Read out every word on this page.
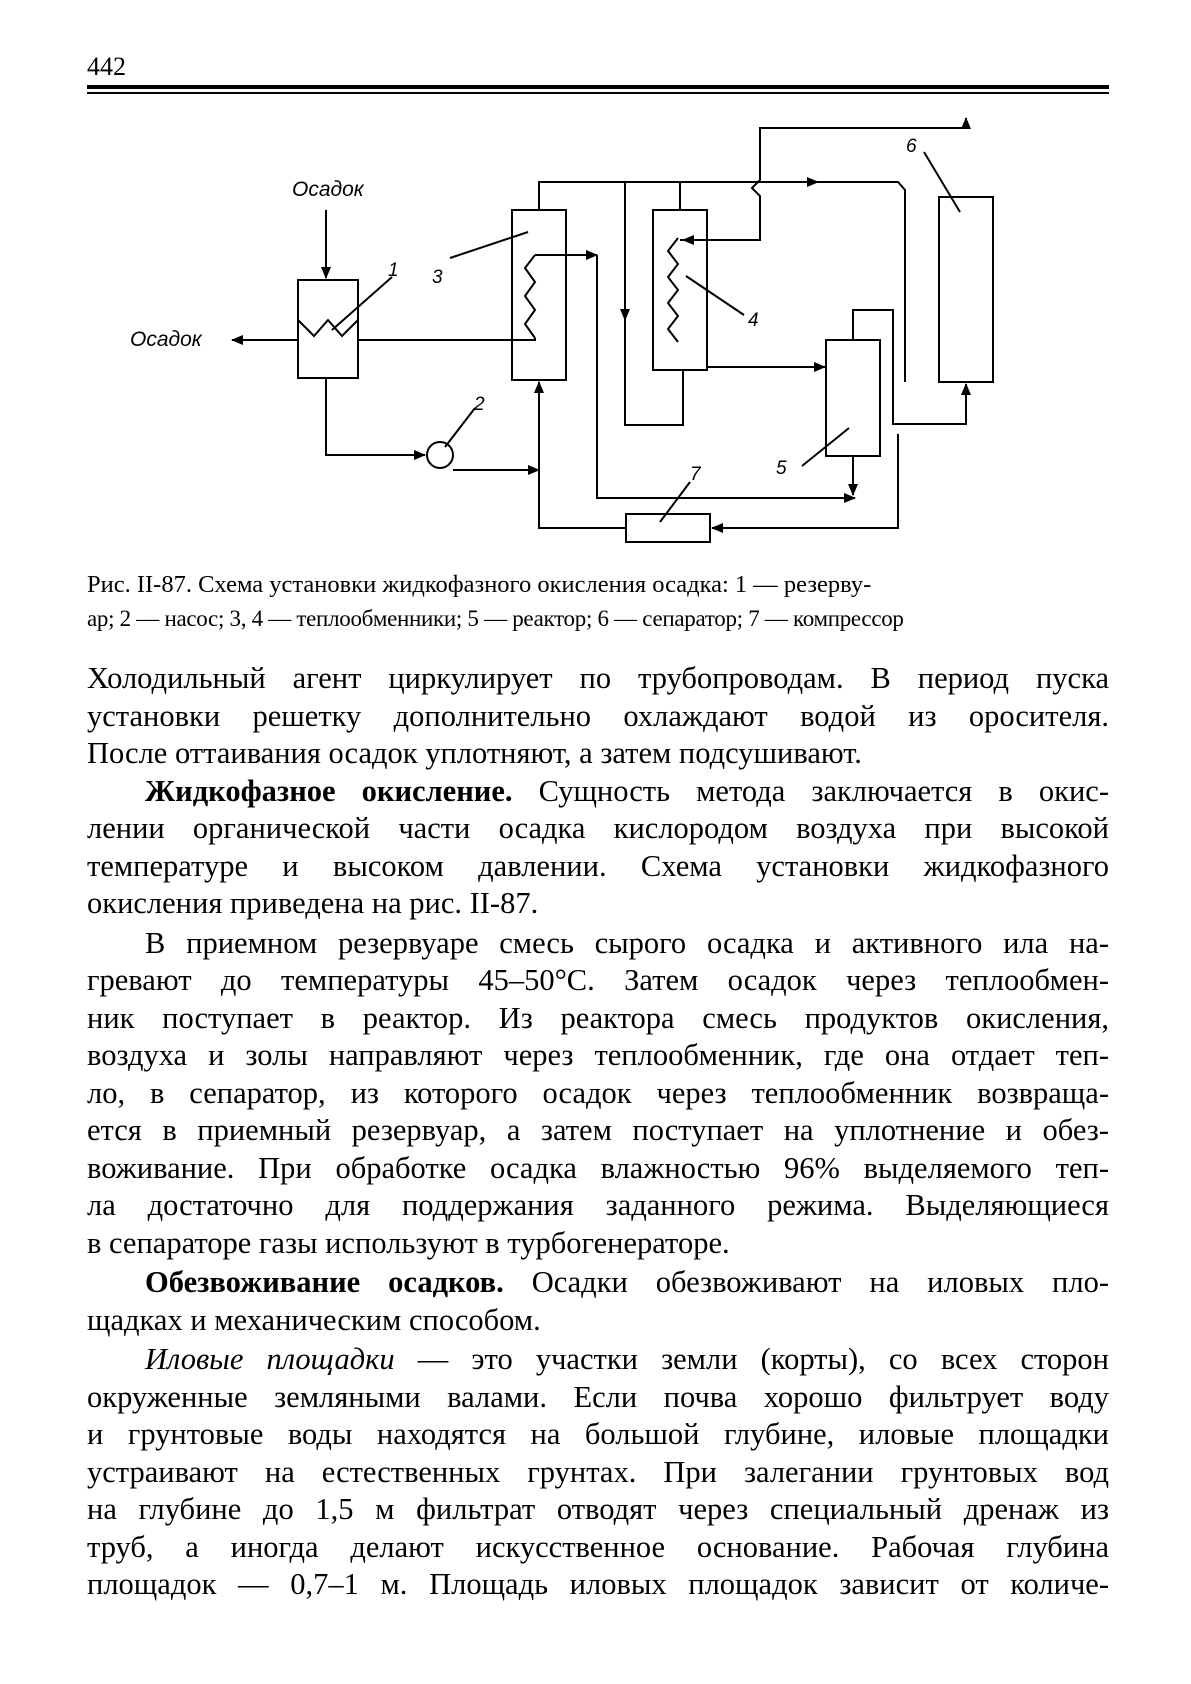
442
Осадок
Осадок
1
2
3
4
5
6
7
Рис. II-87. Схема установки жидкофазного окисления осадка: 1 — резерву-
ар; 2 — насос; 3, 4 — теплообменники; 5 — реактор; 6 — сепаратор; 7 — компрессор

Холодильный агент циркулирует по трубопроводам. В период пуска

установки решетку дополнительно охлаждают водой из оросителя.

После оттаивания осадок уплотняют, а затем подсушивают.

Жидкофазное окисление. Сущность метода заключается в окис-

лении органической части осадка кислородом воздуха при высокой

температуре и высоком давлении. Схема установки жидкофазного

окисления приведена на рис. II-87.

В приемном резервуаре смесь сырого осадка и активного ила на-

гревают до температуры 45–50°С. Затем осадок через теплообмен-

ник поступает в реактор. Из реактора смесь продуктов окисления,

воздуха и золы направляют через теплообменник, где она отдает теп-

ло, в сепаратор, из которого осадок через теплообменник возвраща-

ется в приемный резервуар, а затем поступает на уплотнение и обез-

воживание. При обработке осадка влажностью 96% выделяемого теп-

ла достаточно для поддержания заданного режима. Выделяющиеся

в сепараторе газы используют в турбогенераторе.

Обезвоживание осадков. Осадки обезвоживают на иловых пло-

щадках и механическим способом.

Иловые площадки — это участки земли (корты), со всех сторон

окруженные земляными валами. Если почва хорошо фильтрует воду

и грунтовые воды находятся на большой глубине, иловые площадки

устраивают на естественных грунтах. При залегании грунтовых вод

на глубине до 1,5 м фильтрат отводят через специальный дренаж из

труб, а иногда делают искусственное основание. Рабочая глубина

площадок — 0,7–1 м. Площадь иловых площадок зависит от количе-
